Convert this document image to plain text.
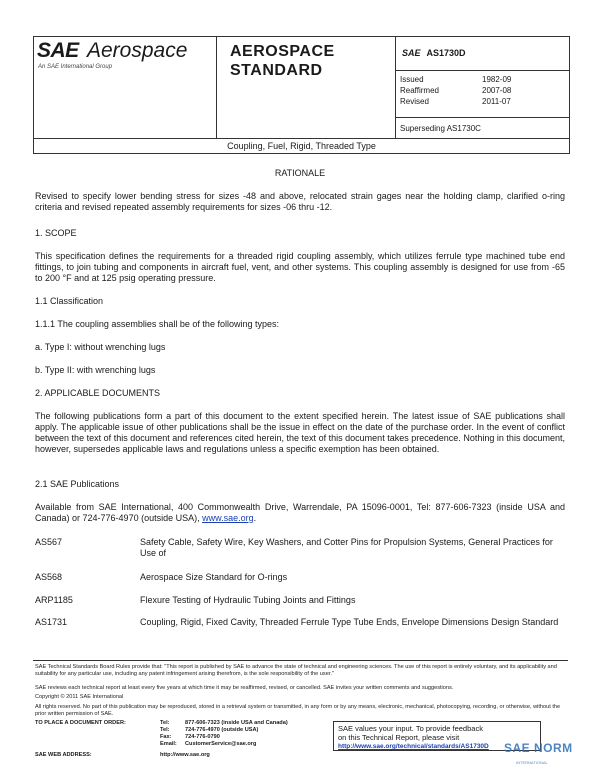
SAE Aerospace
An SAE International Group
AEROSPACE
STANDARD
SAE AS1730D
Issued	1982-09
Reaffirmed	2007-08
Revised	2011-07
Superseding AS1730C
Coupling, Fuel, Rigid, Threaded Type
RATIONALE
Revised to specify lower bending stress for sizes -48 and above, relocated strain gages near the holding clamp, clarified o-ring criteria and revised repeated assembly requirements for sizes -06 thru -12.
1. SCOPE
This specification defines the requirements for a threaded rigid coupling assembly, which utilizes ferrule type machined tube end fittings, to join tubing and components in aircraft fuel, vent, and other systems. This coupling assembly is designed for use from -65 to 200 °F and at 125 psig operating pressure.
1.1 Classification
1.1.1 The coupling assemblies shall be of the following types:
a. Type I: without wrenching lugs
b. Type II: with wrenching lugs
2. APPLICABLE DOCUMENTS
The following publications form a part of this document to the extent specified herein. The latest issue of SAE publications shall apply. The applicable issue of other publications shall be the issue in effect on the date of the purchase order. In the event of conflict between the text of this document and references cited herein, the text of this document takes precedence. Nothing in this document, however, supersedes applicable laws and regulations unless a specific exemption has been obtained.
2.1 SAE Publications
Available from SAE International, 400 Commonwealth Drive, Warrendale, PA 15096-0001, Tel: 877-606-7323 (inside USA and Canada) or 724-776-4970 (outside USA), www.sae.org.
AS567	Safety Cable, Safety Wire, Key Washers, and Cotter Pins for Propulsion Systems, General Practices for Use of
AS568	Aerospace Size Standard for O-rings
ARP1185	Flexure Testing of Hydraulic Tubing Joints and Fittings
AS1731	Coupling, Rigid, Fixed Cavity, Threaded Ferrule Type Tube Ends, Envelope Dimensions Design Standard
SAE Technical Standards Board Rules provide that: "This report is published by SAE to advance the state of technical and engineering sciences. The use of this report is entirely voluntary, and its applicability and suitability for any particular use, including any patent infringement arising therefrom, is the sole responsibility of the user."
SAE reviews each technical report at least every five years at which time it may be reaffirmed, revised, or cancelled. SAE invites your written comments and suggestions.
Copyright © 2011 SAE International
All rights reserved. No part of this publication may be reproduced, stored in a retrieval system or transmitted, in any form or by any means, electronic, mechanical, photocopying, recording, or otherwise, without the prior written permission of SAE.
TO PLACE A DOCUMENT ORDER:	Tel:	877-606-7323 (inside USA and Canada)
Tel:	724-776-4970 (outside USA)
Fax: 724-776-0790
Email: CustomerService@sae.org
SAE WEB ADDRESS:	http://www.sae.org
SAE values your input. To provide feedback
on this Technical Report, please visit
http://www.sae.org/technical/standards/AS1730D	SAE NORM
INTERNATIONAL
